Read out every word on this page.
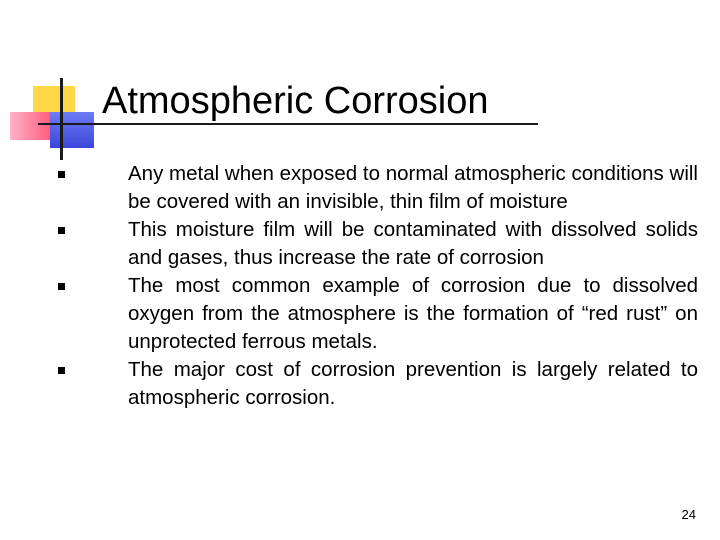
Atmospheric Corrosion
Any metal when exposed to normal atmospheric conditions will be covered with an invisible, thin film of moisture
This moisture film will be contaminated with dissolved solids and gases, thus increase the rate of corrosion
The most common example of corrosion due to dissolved oxygen from the atmosphere is the formation of “red rust” on unprotected ferrous metals.
The major cost of corrosion prevention is largely related to atmospheric corrosion.
24
